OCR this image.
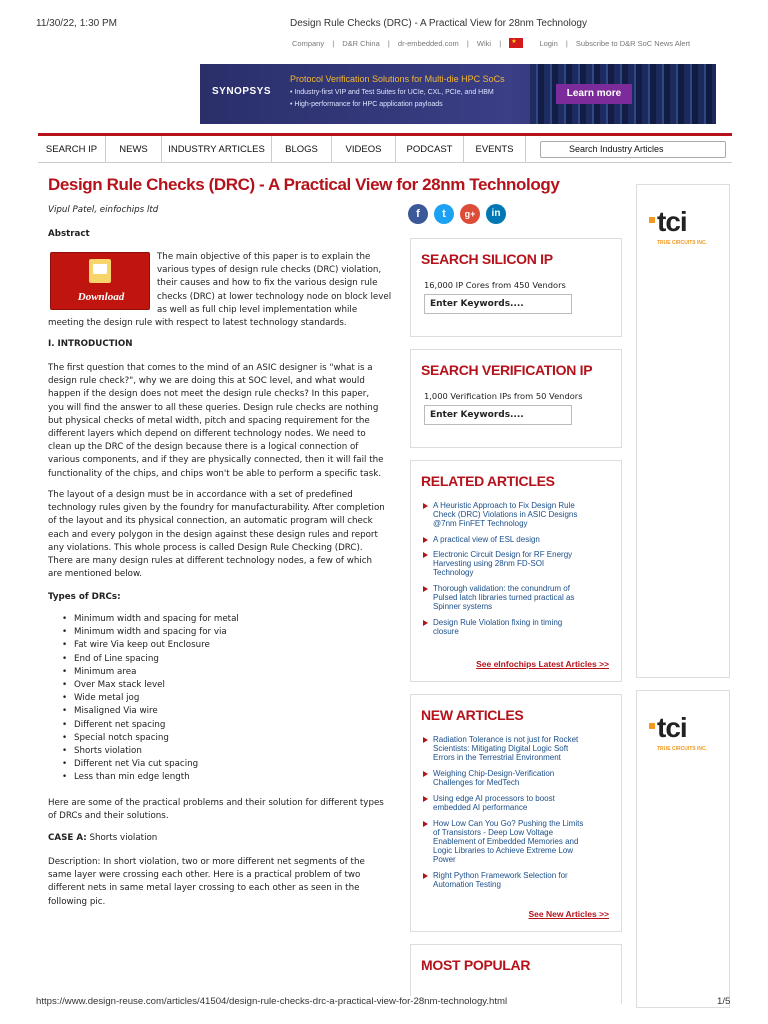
11/30/22, 1:30 PM	Design Rule Checks (DRC) - A Practical View for 28nm Technology
Company | D&R China | dr-embedded.com | Wiki | ★	Login | Subscribe to D&R SoC News Alert
SYNOPSYS
Protocol Verification Solutions for Multi-die HPC SoCs
• Industry-first VIP and Test Suites for UCIe, CXL, PCIe, and HBM
• High-performance for HPC application payloads
Learn more
SEARCH IP	NEWS	INDUSTRY ARTICLES	BLOGS	VIDEOS	PODCAST	EVENTS	Search Industry Articles
Design Rule Checks (DRC) - A Practical View for 28nm Technology
Vipul Patel, einfochips ltd	f	t	g+	in
Abstract
Download
The main objective of this paper is to explain the
various types of design rule checks (DRC) violation,
their causes and how to fix the various design rule
checks (DRC) at lower technology node on block level
as well as full chip level implementation while
meeting the design rule with respect to latest technology standards.
I. INTRODUCTION
The first question that comes to the mind of an ASIC designer is "what is a
design rule check?", why we are doing this at SOC level, and what would
happen if the design does not meet the design rule checks? In this paper,
you will find the answer to all these queries. Design rule checks are nothing
but physical checks of metal width, pitch and spacing requirement for the
different layers which depend on different technology nodes. We need to
clean up the DRC of the design because there is a logical connection of
various components, and if they are physically connected, then it will fail the
functionality of the chips, and chips won't be able to perform a specific task.
The layout of a design must be in accordance with a set of predefined
technology rules given by the foundry for manufacturability. After completion
of the layout and its physical connection, an automatic program will check
each and every polygon in the design against these design rules and report
any violations. This whole process is called Design Rule Checking (DRC).
There are many design rules at different technology nodes, a few of which
are mentioned below.
Types of DRCs:
• Minimum width and spacing for metal
• Minimum width and spacing for via
• Fat wire Via keep out Enclosure
• End of Line spacing
• Minimum area
• Over Max stack level
• Wide metal jog
• Misaligned Via wire
• Different net spacing
• Special notch spacing
• Shorts violation
• Different net Via cut spacing
• Less than min edge length
Here are some of the practical problems and their solution for different types
of DRCs and their solutions.
CASE A: Shorts violation
Description: In short violation, two or more different net segments of the
same layer were crossing each other. Here is a practical problem of two
different nets in same metal layer crossing to each other as seen in the
following pic.
SEARCH SILICON IP
16,000 IP Cores from 450 Vendors
Enter Keywords....
SEARCH VERIFICATION IP
1,000 Verification IPs from 50 Vendors
Enter Keywords....
RELATED ARTICLES
A Heuristic Approach to Fix Design Rule
Check (DRC) Violations in ASIC Designs
@7nm FinFET Technology
A practical view of ESL design
Electronic Circuit Design for RF Energy
Harvesting using 28nm FD-SOI
Technology
Thorough validation: the conundrum of
Pulsed latch libraries turned practical as
Spinner systems
Design Rule Violation fixing in timing
closure
See eInfochips Latest Articles >>
NEW ARTICLES
Radiation Tolerance is not just for Rocket
Scientists: Mitigating Digital Logic Soft
Errors in the Terrestrial Environment
Weighing Chip-Design-Verification
Challenges for MedTech
Using edge AI processors to boost
embedded AI performance
How Low Can You Go? Pushing the Limits
of Transistors - Deep Low Voltage
Enablement of Embedded Memories and
Logic Libraries to Achieve Extreme Low
Power
Right Python Framework Selection for
Automation Testing
See New Articles >>
MOST POPULAR
tci
TRUE CIRCUITS INC.
tci
TRUE CIRCUITS INC.
https://www.design-reuse.com/articles/41504/design-rule-checks-drc-a-practical-view-for-28nm-technology.html	1/5
